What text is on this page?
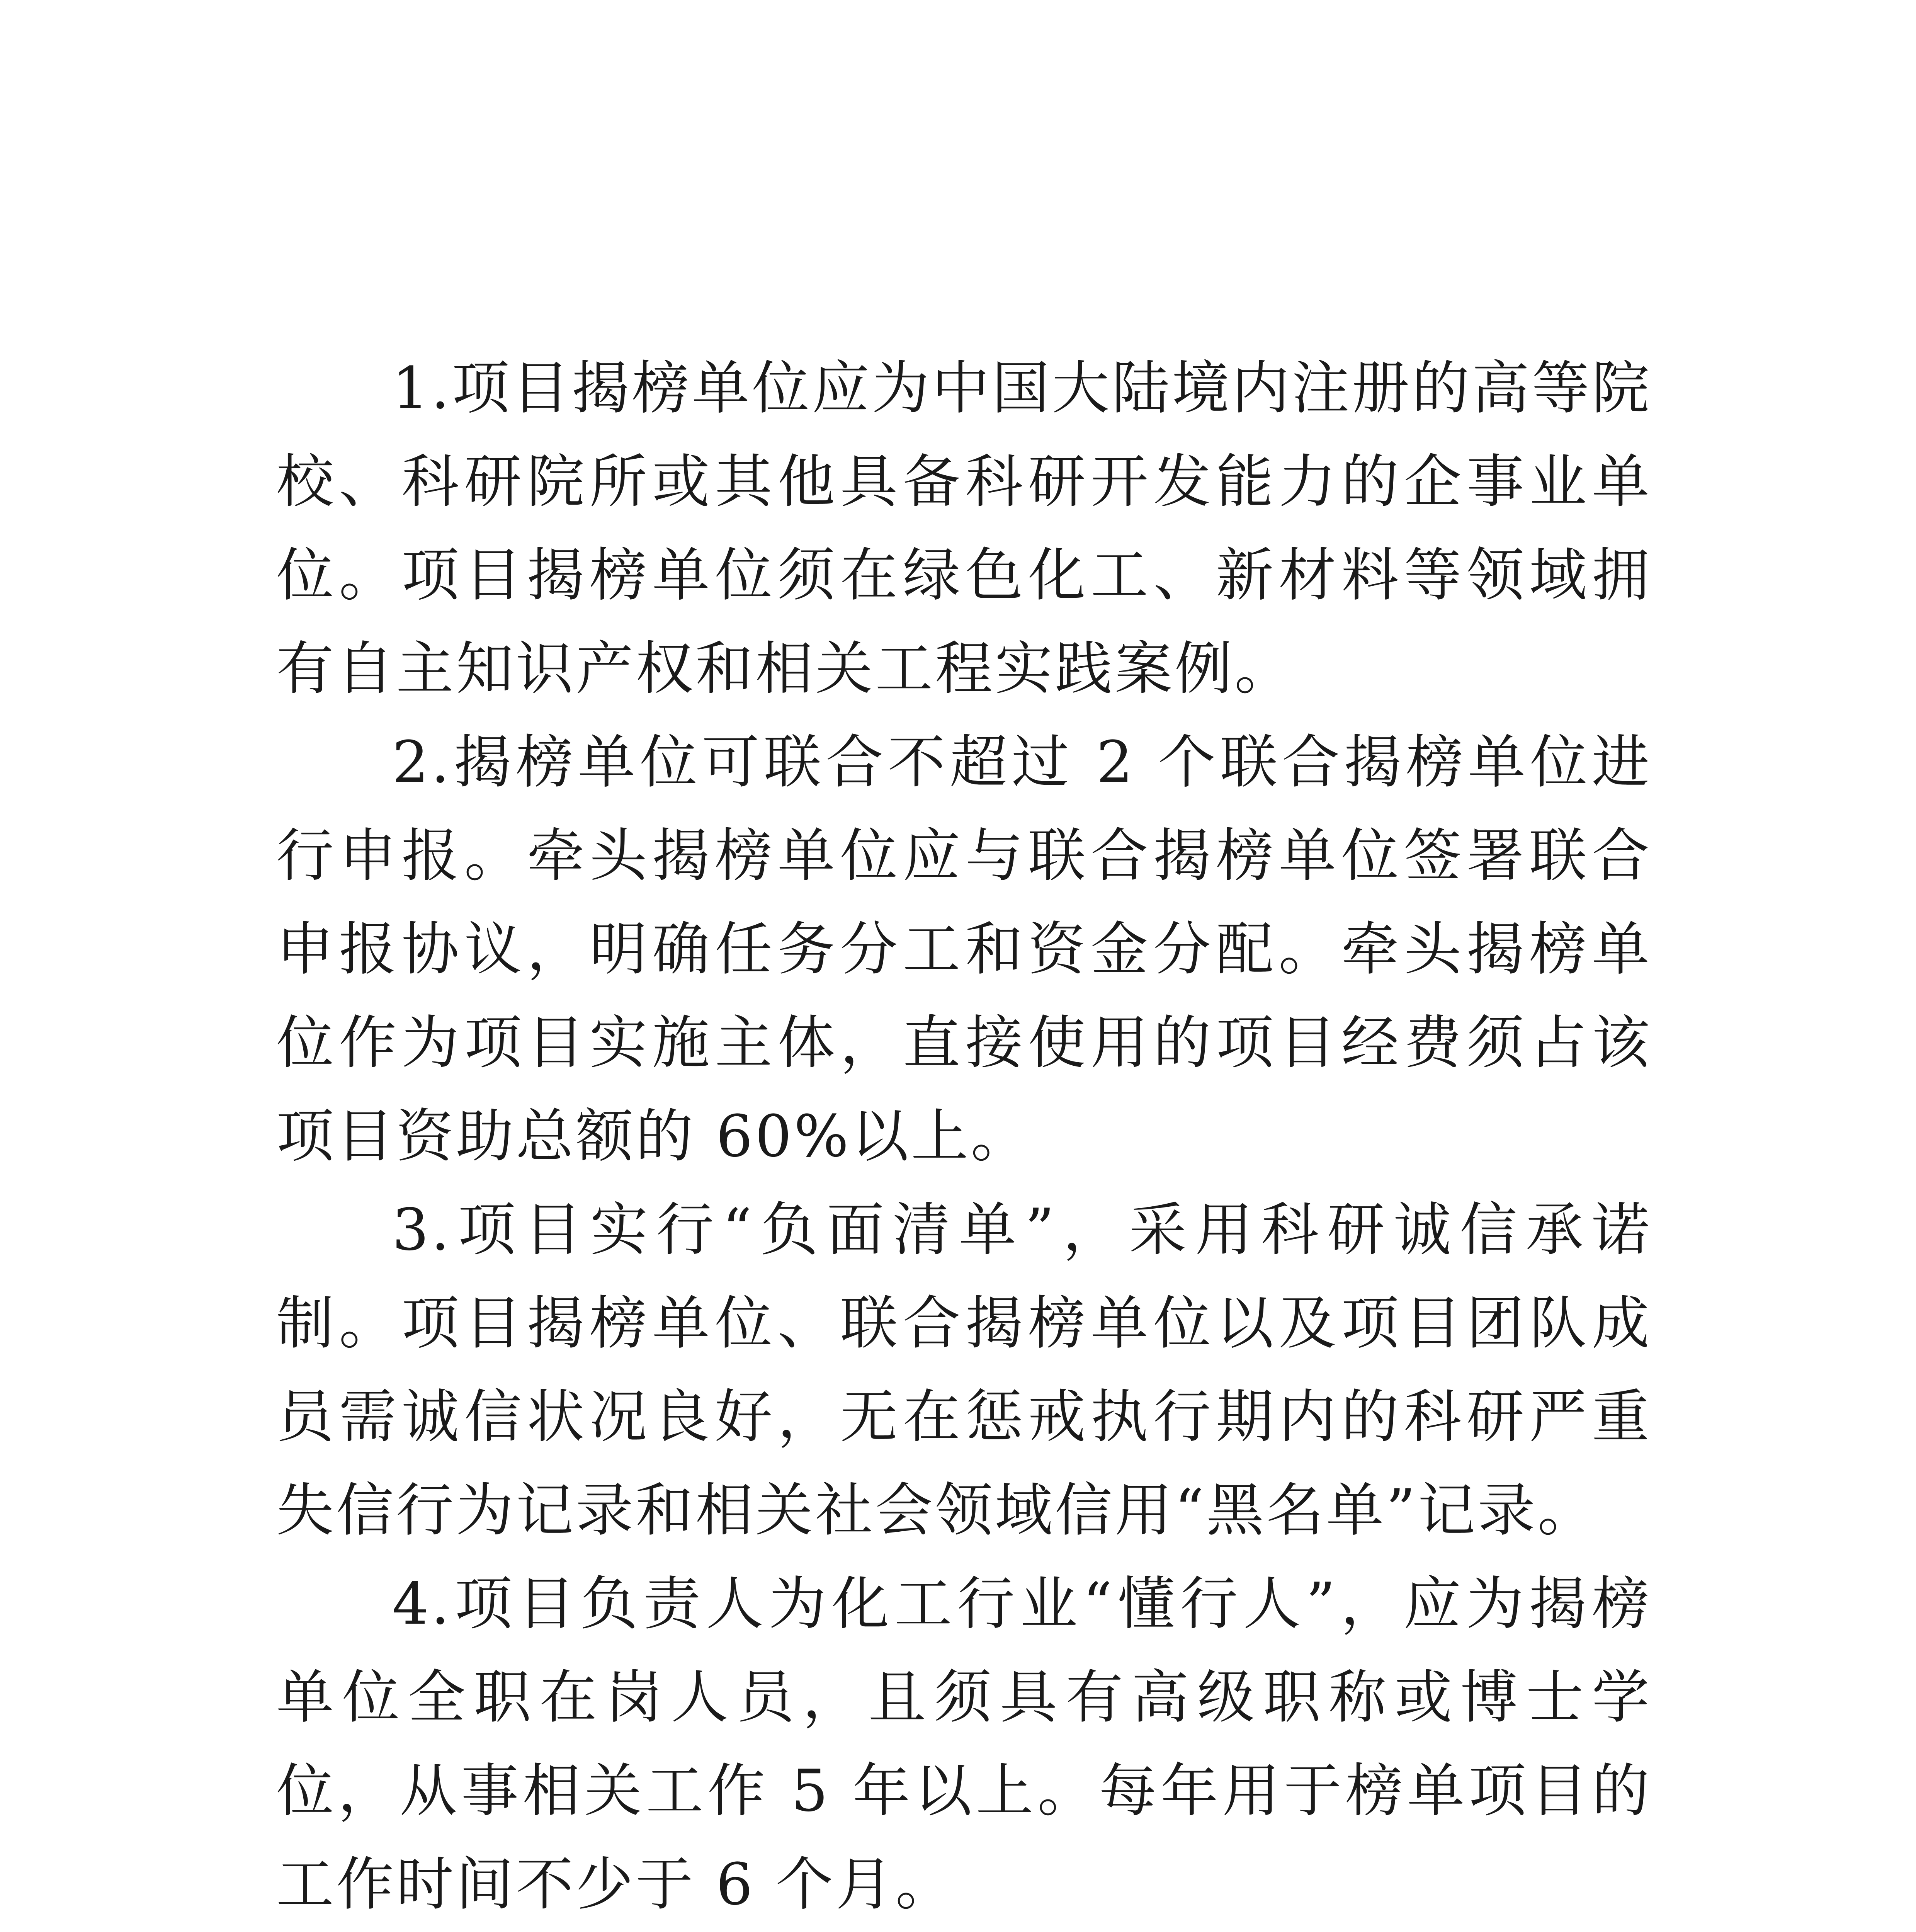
1.项目揭榜单位应为中国大陆境内注册的高等院校、科研院所或其他具备科研开发能力的企事业单位。项目揭榜单位须在绿色化工、新材料等领域拥有自主知识产权和相关工程实践案例。

2.揭榜单位可联合不超过 2 个联合揭榜单位进行申报。牵头揭榜单位应与联合揭榜单位签署联合申报协议，明确任务分工和资金分配。牵头揭榜单位作为项目实施主体，直接使用的项目经费须占该项目资助总额的 60%以上。

3.项目实行“负面清单”，采用科研诚信承诺制。项目揭榜单位、联合揭榜单位以及项目团队成员需诚信状况良好，无在惩戒执行期内的科研严重失信行为记录和相关社会领域信用“黑名单”记录。

4.项目负责人为化工行业“懂行人”，应为揭榜单位全职在岗人员，且须具有高级职称或博士学位，从事相关工作 5 年以上。每年用于榜单项目的工作时间不少于 6 个月。
